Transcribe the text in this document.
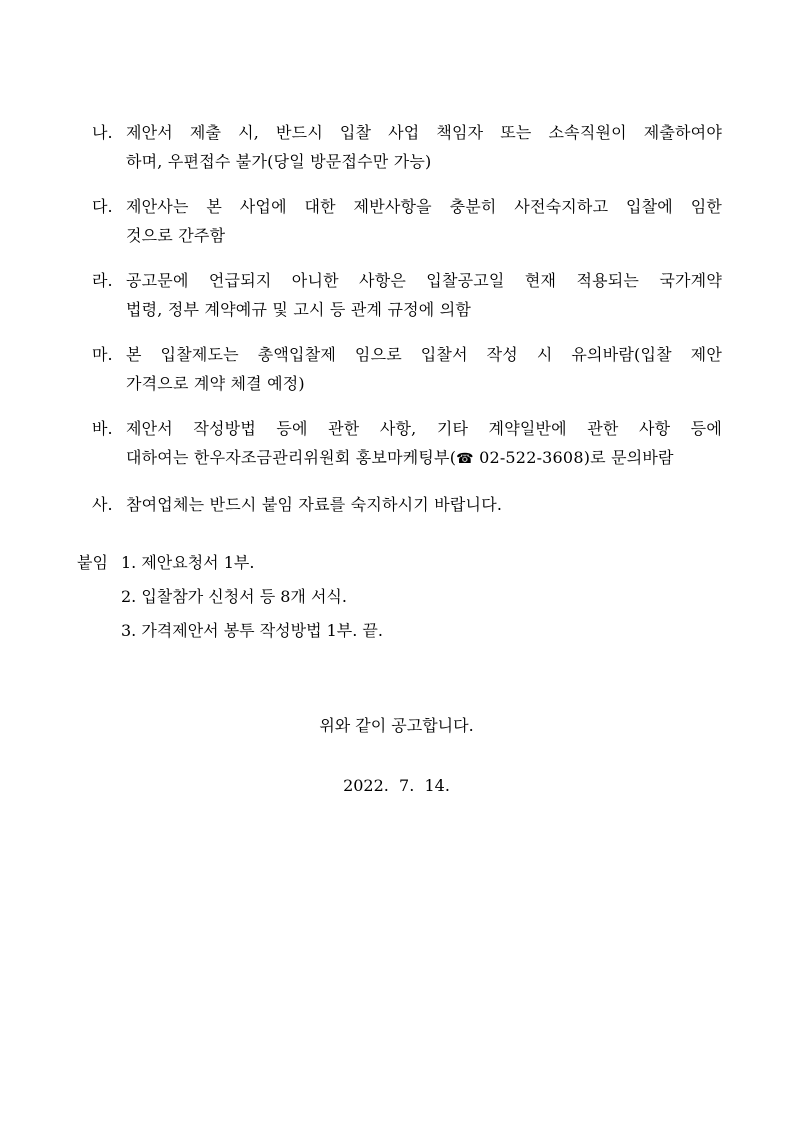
나. 제안서 제출 시, 반드시 입찰 사업 책임자 또는 소속직원이 제출하여야
하며, 우편접수 불가(당일 방문접수만 가능)
다. 제안사는 본 사업에 대한 제반사항을 충분히 사전숙지하고 입찰에 임한
것으로 간주함
라. 공고문에 언급되지 아니한 사항은 입찰공고일 현재 적용되는 국가계약
법령, 정부 계약예규 및 고시 등 관계 규정에 의함
마. 본 입찰제도는 총액입찰제 임으로 입찰서 작성 시 유의바람(입찰 제안
가격으로 계약 체결 예정)
바. 제안서 작성방법 등에 관한 사항, 기타 계약일반에 관한 사항 등에
대하여는 한우자조금관리위원회 홍보마케팅부(☎ 02-522-3608)로 문의바람
사. 참여업체는 반드시 붙임 자료를 숙지하시기 바랍니다.
붙임 1. 제안요청서 1부.
2. 입찰참가 신청서 등 8개 서식.
3. 가격제안서 봉투 작성방법 1부. 끝.
위와 같이 공고합니다.
2022.  7.  14.
